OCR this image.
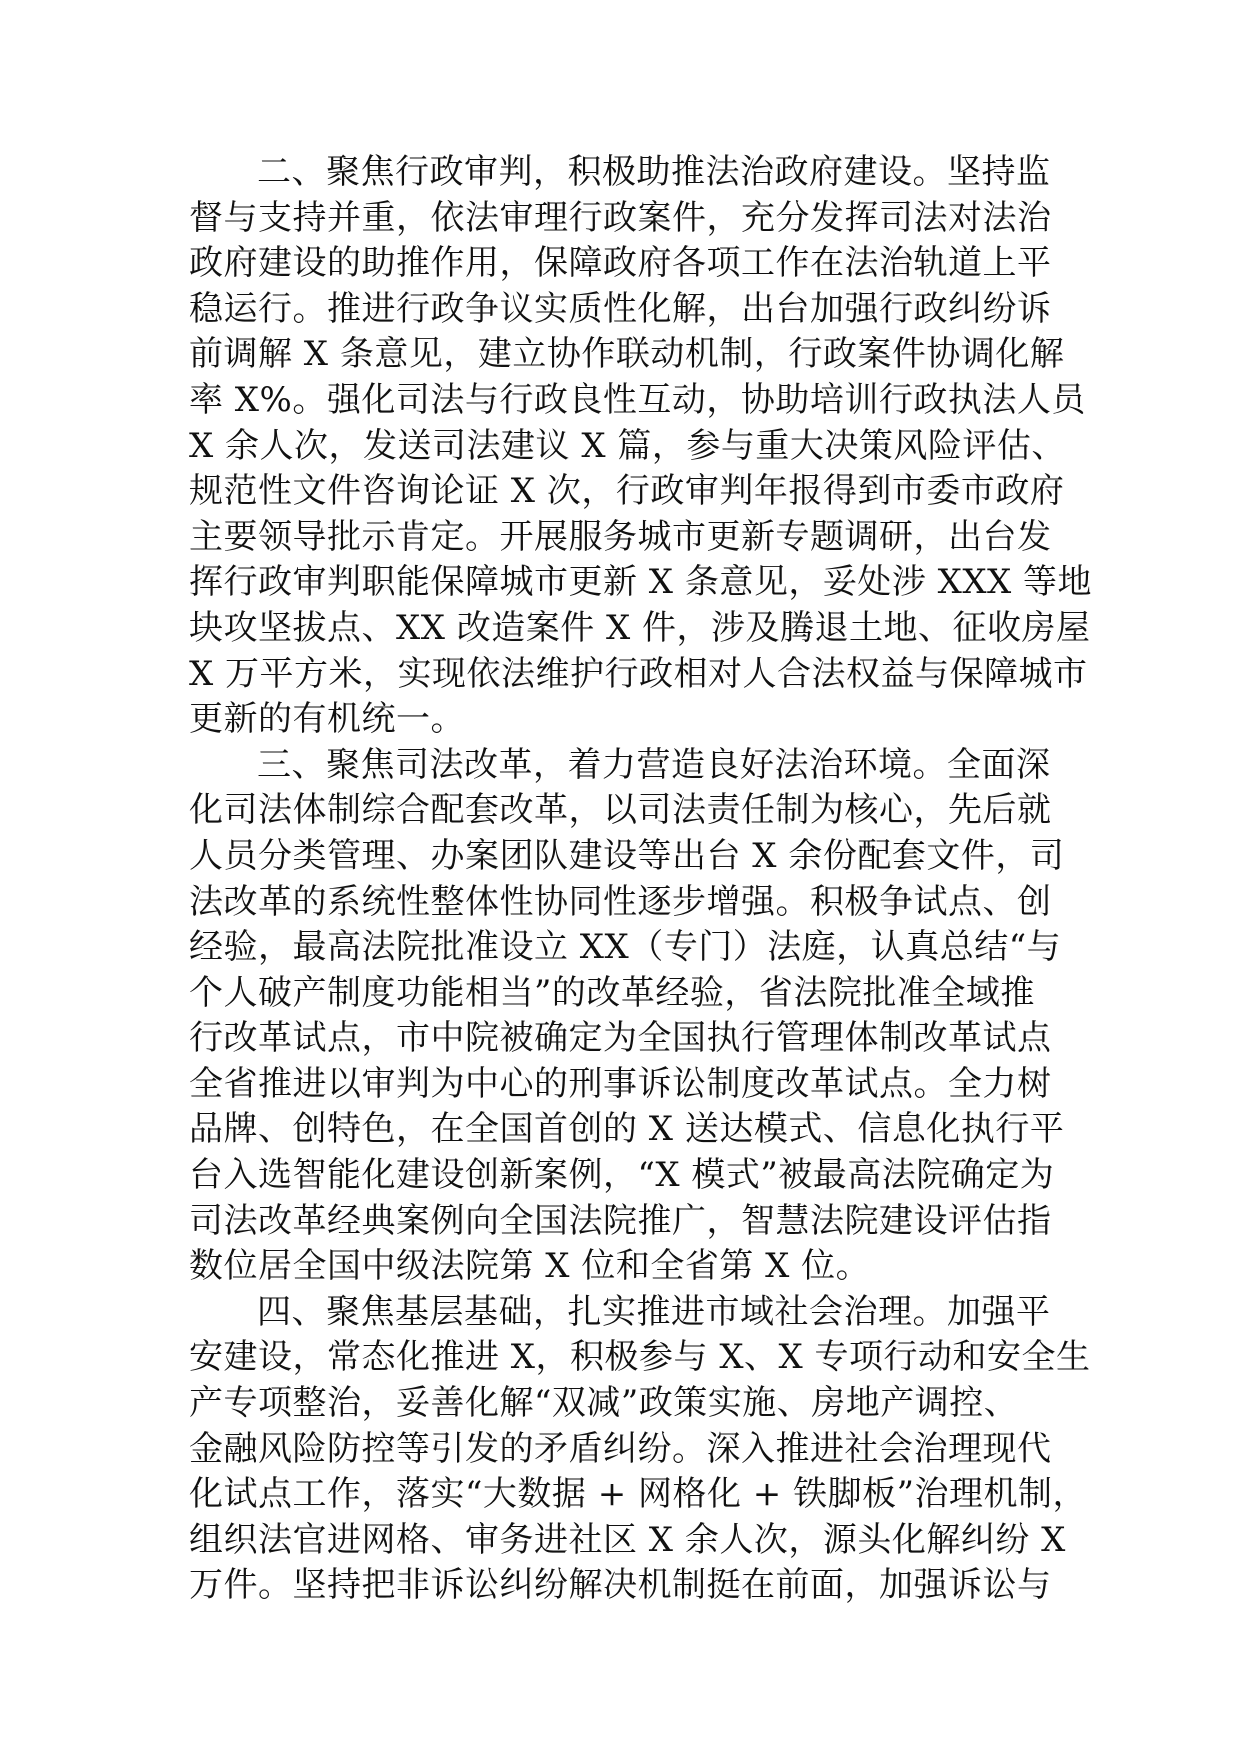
二、聚焦行政审判，积极助推法治政府建设。坚持监
督与支持并重，依法审理行政案件，充分发挥司法对法治
政府建设的助推作用，保障政府各项工作在法治轨道上平
稳运行。推进行政争议实质性化解，出台加强行政纠纷诉
前调解 X 条意见，建立协作联动机制，行政案件协调化解
率 X%。强化司法与行政良性互动，协助培训行政执法人员
X 余人次，发送司法建议 X 篇，参与重大决策风险评估、
规范性文件咨询论证 X 次，行政审判年报得到市委市政府
主要领导批示肯定。开展服务城市更新专题调研，出台发
挥行政审判职能保障城市更新 X 条意见，妥处涉 XXX 等地
块攻坚拔点、XX 改造案件 X 件，涉及腾退土地、征收房屋
X 万平方米，实现依法维护行政相对人合法权益与保障城市
更新的有机统一。

三、聚焦司法改革，着力营造良好法治环境。全面深
化司法体制综合配套改革，以司法责任制为核心，先后就
人员分类管理、办案团队建设等出台 X 余份配套文件，司
法改革的系统性整体性协同性逐步增强。积极争试点、创
经验，最高法院批准设立 XX（专门）法庭，认真总结“与
个人破产制度功能相当”的改革经验，省法院批准全域推
行改革试点，市中院被确定为全国执行管理体制改革试点
全省推进以审判为中心的刑事诉讼制度改革试点。全力树
品牌、创特色，在全国首创的 X 送达模式、信息化执行平
台入选智能化建设创新案例，“X 模式”被最高法院确定为
司法改革经典案例向全国法院推广，智慧法院建设评估指
数位居全国中级法院第 X 位和全省第 X 位。

四、聚焦基层基础，扎实推进市域社会治理。加强平
安建设，常态化推进 X，积极参与 X、X 专项行动和安全生
产专项整治，妥善化解“双减”政策实施、房地产调控、
金融风险防控等引发的矛盾纠纷。深入推进社会治理现代
化试点工作，落实“大数据 + 网格化 + 铁脚板”治理机制，
组织法官进网格、审务进社区 X 余人次，源头化解纠纷 X
万件。坚持把非诉讼纠纷解决机制挺在前面，加强诉讼与
